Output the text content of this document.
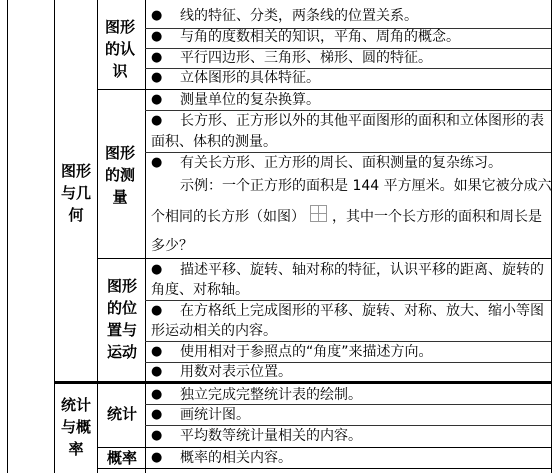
图形与几何
统计与概率
图形的认识
图形的测量
图形的位置与运动
统计
概率
● 线的特征、分类，两条线的位置关系。
● 与角的度数相关的知识，平角、周角的概念。
● 平行四边形、三角形、梯形、圆的特征。
● 立体图形的具体特征。
● 测量单位的复杂换算。
● 长方形、正方形以外的其他平面图形的面积和立体图形的表
面积、体积的测量。
● 有关长方形、正方形的周长、面积测量的复杂练习。
示例：一个正方形的面积是 144 平方厘米。如果它被分成六
个相同的长方形（如图） ，其中一个长方形的面积和周长是
多少？
● 描述平移、旋转、轴对称的特征，认识平移的距离、旋转的
角度、对称轴。
● 在方格纸上完成图形的平移、旋转、对称、放大、缩小等图
形运动相关的内容。
● 使用相对于参照点的“角度”来描述方向。
● 用数对表示位置。
● 独立完成完整统计表的绘制。
● 画统计图。
● 平均数等统计量相关的内容。
● 概率的相关内容。
